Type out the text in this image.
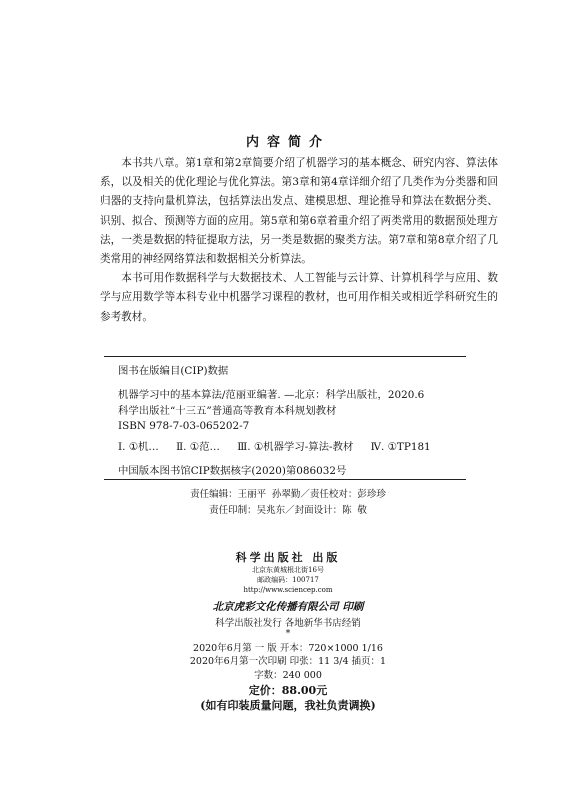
内容简介

本书共八章。第1章和第2章简要介绍了机器学习的基本概念、研究内容、算法体系，以及相关的优化理论与优化算法。第3章和第4章详细介绍了几类作为分类器和回归器的支持向量机算法，包括算法出发点、建模思想、理论推导和算法在数据分类、识别、拟合、预测等方面的应用。第5章和第6章着重介绍了两类常用的数据预处理方法，一类是数据的特征提取方法，另一类是数据的聚类方法。第7章和第8章介绍了几类常用的神经网络算法和数据相关分析算法。

本书可用作数据科学与大数据技术、人工智能与云计算、计算机科学与应用、数学与应用数学等本科专业中机器学习课程的教材，也可用作相关或相近学科研究生的参考教材。

图书在版编目(CIP)数据
机器学习中的基本算法/范丽亚编著. —北京：科学出版社，2020.6
科学出版社“十三五”普通高等教育本科规划教材
ISBN 978-7-03-065202-7
Ⅰ. ①机… Ⅱ. ①范… Ⅲ. ①机器学习-算法-教材 Ⅳ. ①TP181
中国版本图书馆CIP数据核字(2020)第086032号
责任编辑：王丽平 孙翠勤／责任校对：彭珍珍
责任印制：吴兆东／封面设计：陈 敬
科学出版社 出版
北京东黄城根北街16号
邮政编码：100717
http://www.sciencep.com
北京虎彩文化传播有限公司 印刷
科学出版社发行 各地新华书店经销
*
2020年6月第 一 版 开本：720×1000 1/16
2020年6月第一次印刷 印张：11 3/4 插页：1
字数：240 000
定价：88.00元
(如有印装质量问题，我社负责调换)
